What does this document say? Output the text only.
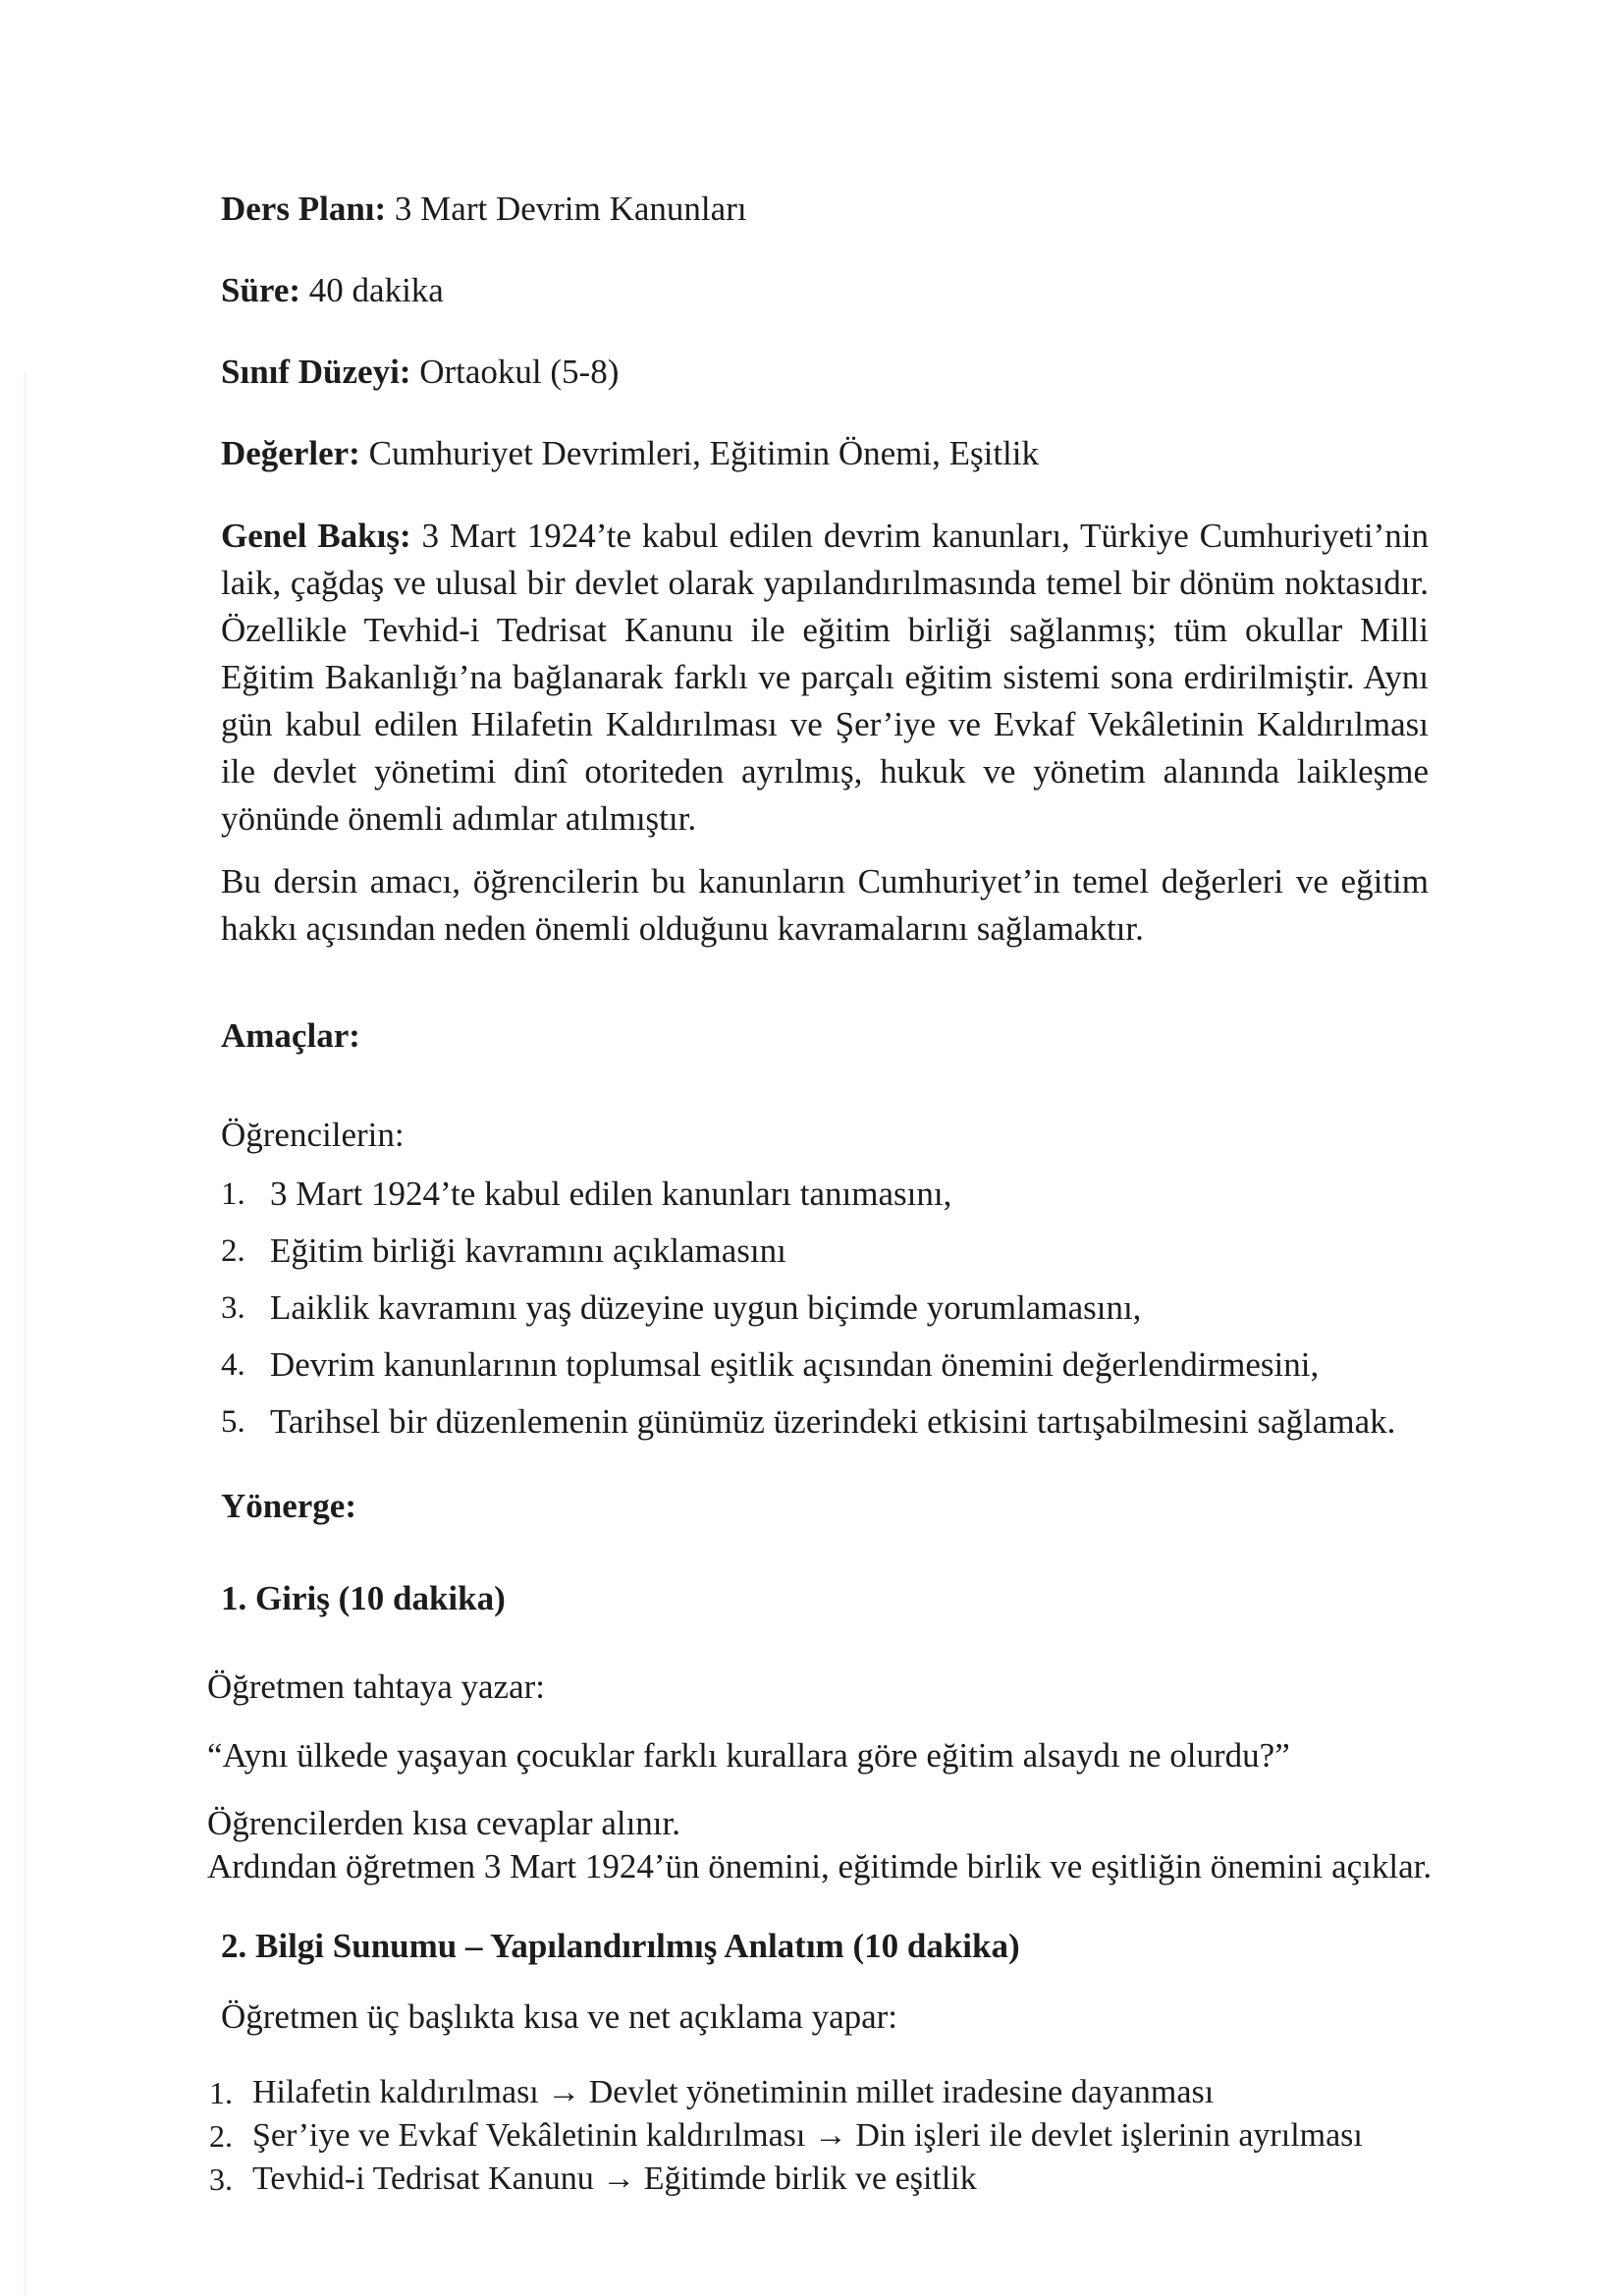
Ders Planı: 3 Mart Devrim Kanunları
Süre: 40 dakika
Sınıf Düzeyi: Ortaokul (5-8)
Değerler: Cumhuriyet Devrimleri, Eğitimin Önemi, Eşitlik
Genel Bakış: 3 Mart 1924’te kabul edilen devrim kanunları, Türkiye Cumhuriyeti’nin laik, çağdaş ve ulusal bir devlet olarak yapılandırılmasında temel bir dönüm noktasıdır. Özellikle Tevhid-i Tedrisat Kanunu ile eğitim birliği sağlanmış; tüm okullar Milli Eğitim Bakanlığı’na bağlanarak farklı ve parçalı eğitim sistemi sona erdirilmiştir. Aynı gün kabul edilen Hilafetin Kaldırılması ve Şer’iye ve Evkaf Vekâletinin Kaldırılması ile devlet yönetimi dinî otoriteden ayrılmış, hukuk ve yönetim alanında laikleşme yönünde önemli adımlar atılmıştır.
Bu dersin amacı, öğrencilerin bu kanunların Cumhuriyet’in temel değerleri ve eğitim hakkı açısından neden önemli olduğunu kavramalarını sağlamaktır.
Amaçlar:
Öğrencilerin:
1. 3 Mart 1924’te kabul edilen kanunları tanımasını,
2. Eğitim birliği kavramını açıklamasını
3. Laiklik kavramını yaş düzeyine uygun biçimde yorumlamasını,
4. Devrim kanunlarının toplumsal eşitlik açısından önemini değerlendirmesini,
5. Tarihsel bir düzenlemenin günümüz üzerindeki etkisini tartışabilmesini sağlamak.
Yönerge:
1. Giriş (10 dakika)
Öğretmen tahtaya yazar:
“Aynı ülkede yaşayan çocuklar farklı kurallara göre eğitim alsaydı ne olurdu?”
Öğrencilerden kısa cevaplar alınır.
Ardından öğretmen 3 Mart 1924’ün önemini, eğitimde birlik ve eşitliğin önemini açıklar.
2. Bilgi Sunumu – Yapılandırılmış Anlatım (10 dakika)
Öğretmen üç başlıkta kısa ve net açıklama yapar:
1. Hilafetin kaldırılması → Devlet yönetiminin millet iradesine dayanması
2. Şer’iye ve Evkaf Vekâletinin kaldırılması → Din işleri ile devlet işlerinin ayrılması
3. Tevhid-i Tedrisat Kanunu → Eğitimde birlik ve eşitlik
